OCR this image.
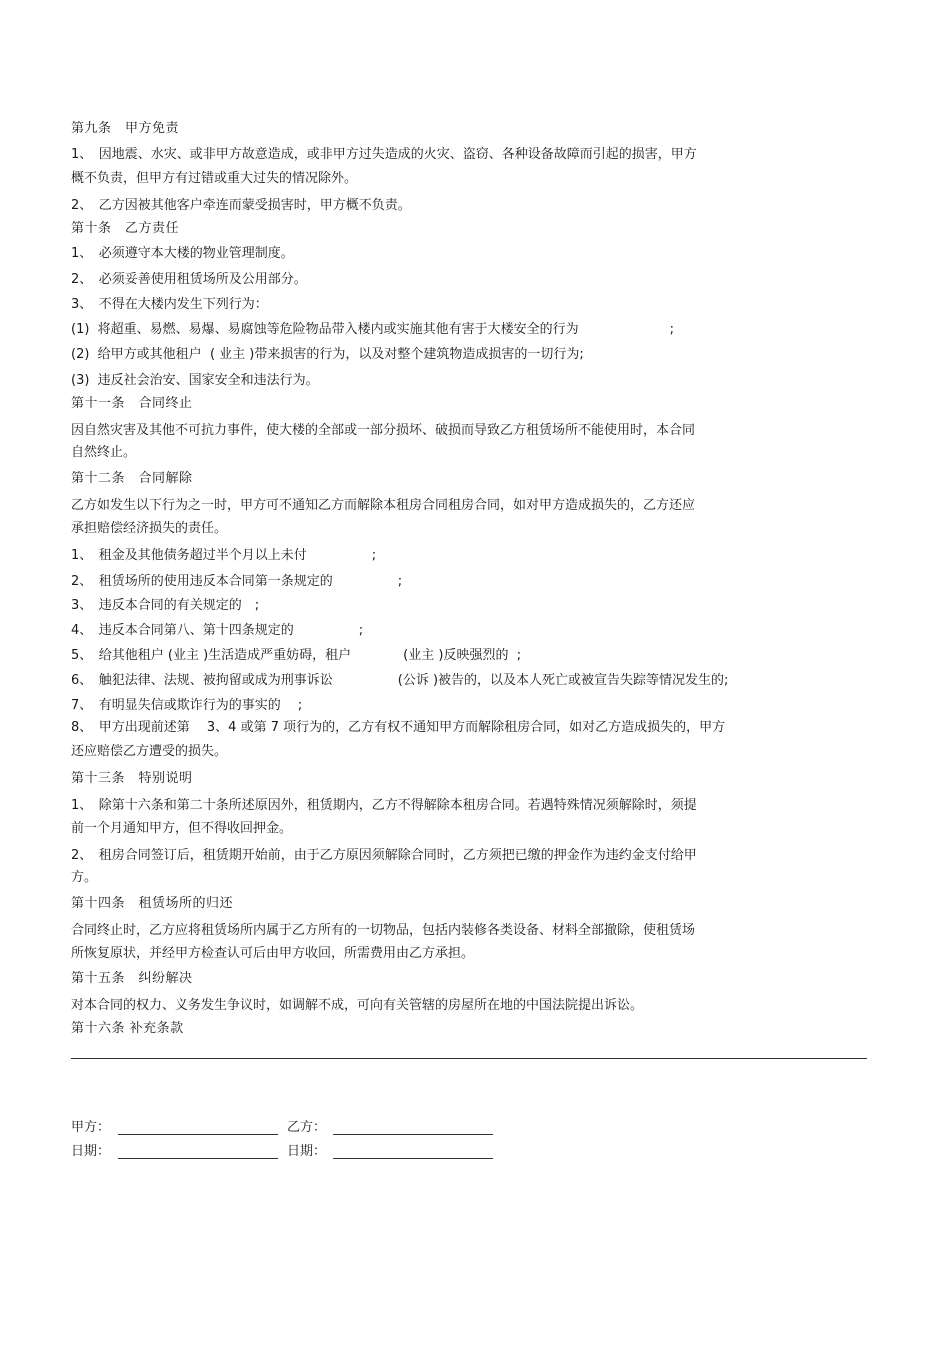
第九条　甲方免责
1、　因地震、水灾、或非甲方故意造成，或非甲方过失造成的火灾、盗窃、各种设备故障而引起的损害，甲方
概不负责，但甲方有过错或重大过失的情况除外。
2、　乙方因被其他客户牵连而蒙受损害时，甲方概不负责。
第十条　乙方责任
1、　必须遵守本大楼的物业管理制度。
2、　必须妥善使用租赁场所及公用部分。
3、　不得在大楼内发生下列行为：
(1)  将超重、易燃、易爆、易腐蚀等危险物品带入楼内或实施其他有害于大楼安全的行为　　　　　　　;
(2)  给甲方或其他租户  ( 业主 )带来损害的行为，以及对整个建筑物造成损害的一切行为;
(3)  违反社会治安、国家安全和违法行为。
第十一条　合同终止
因自然灾害及其他不可抗力事件，使大楼的全部或一部分损坏、破损而导致乙方租赁场所不能使用时，本合同
自然终止。
第十二条　合同解除
乙方如发生以下行为之一时，甲方可不通知乙方而解除本租房合同租房合同，如对甲方造成损失的，乙方还应
承担赔偿经济损失的责任。
1、　租金及其他债务超过半个月以上未付　　　　　;
2、　租赁场所的使用违反本合同第一条规定的　　　　　;
3、　违反本合同的有关规定的　;
4、　违反本合同第八、第十四条规定的　　　　　;
5、　给其他租户 (业主 )生活造成严重妨碍，租户　　　　(业主 )反映强烈的  ;
6、　触犯法律、法规、被拘留或成为刑事诉讼　　　　　(公诉 )被告的，以及本人死亡或被宣告失踪等情况发生的;
7、　有明显失信或欺诈行为的事实的　 ;
8、　甲方出现前述第　 3、4 或第 7 项行为的，乙方有权不通知甲方而解除租房合同，如对乙方造成损失的，甲方
还应赔偿乙方遭受的损失。
第十三条　特别说明
1、　除第十六条和第二十条所述原因外，租赁期内，乙方不得解除本租房合同。若遇特殊情况须解除时，须提
前一个月通知甲方，但不得收回押金。
2、　租房合同签订后，租赁期开始前，由于乙方原因须解除合同时，乙方须把已缴的押金作为违约金支付给甲
方。
第十四条　租赁场所的归还
合同终止时，乙方应将租赁场所内属于乙方所有的一切物品，包括内装修各类设备、材料全部撤除，使租赁场
所恢复原状，并经甲方检查认可后由甲方收回，所需费用由乙方承担。
第十五条　纠纷解决
对本合同的权力、义务发生争议时，如调解不成，可向有关管辖的房屋所在地的中国法院提出诉讼。
第十六条 补充条款
甲方：	乙方：
日期：	日期：
